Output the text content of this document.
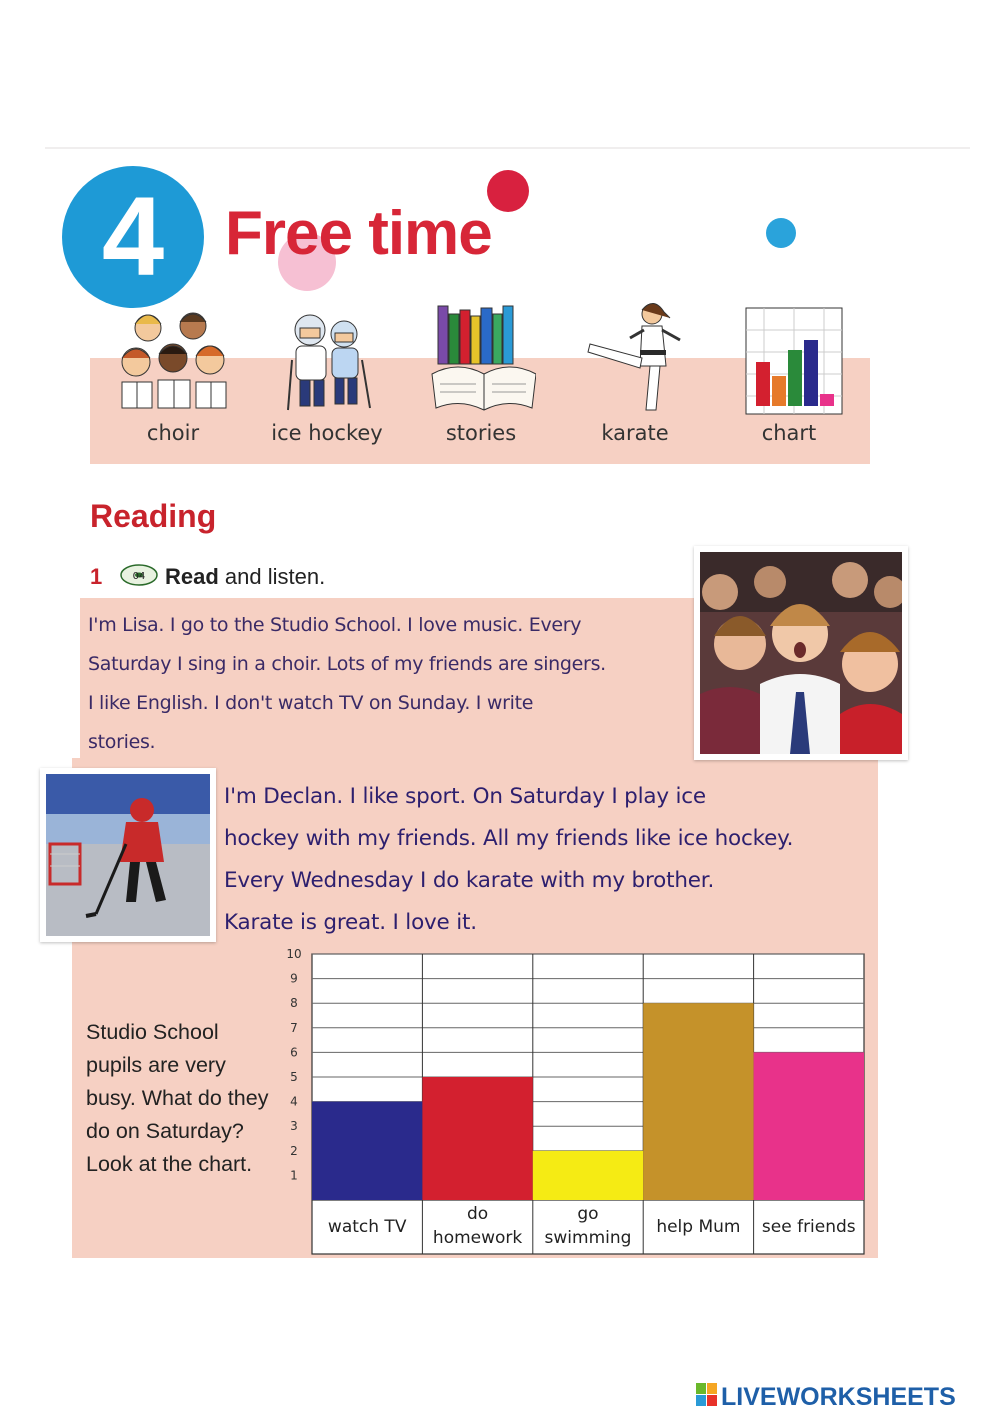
4 Free time
choir	ice hockey	stories	karate	chart
Reading
1	04 Read and listen.
I'm Lisa. I go to the Studio School. I love music. Every
Saturday I sing in a choir. Lots of my friends are singers.
I like English. I don't watch TV on Sunday. I write
stories.
I'm Declan. I like sport. On Saturday I play ice
hockey with my friends. All my friends like ice hockey.
Every Wednesday I do karate with my brother.
Karate is great. I love it.
Studio School pupils are very busy. What do they do on Saturday? Look at the chart.	1
2
3
4
5
6
7
8
9
10
watch TV
do
homework
go
swimming
help Mum see friends
LIVEWORKSHEETS
